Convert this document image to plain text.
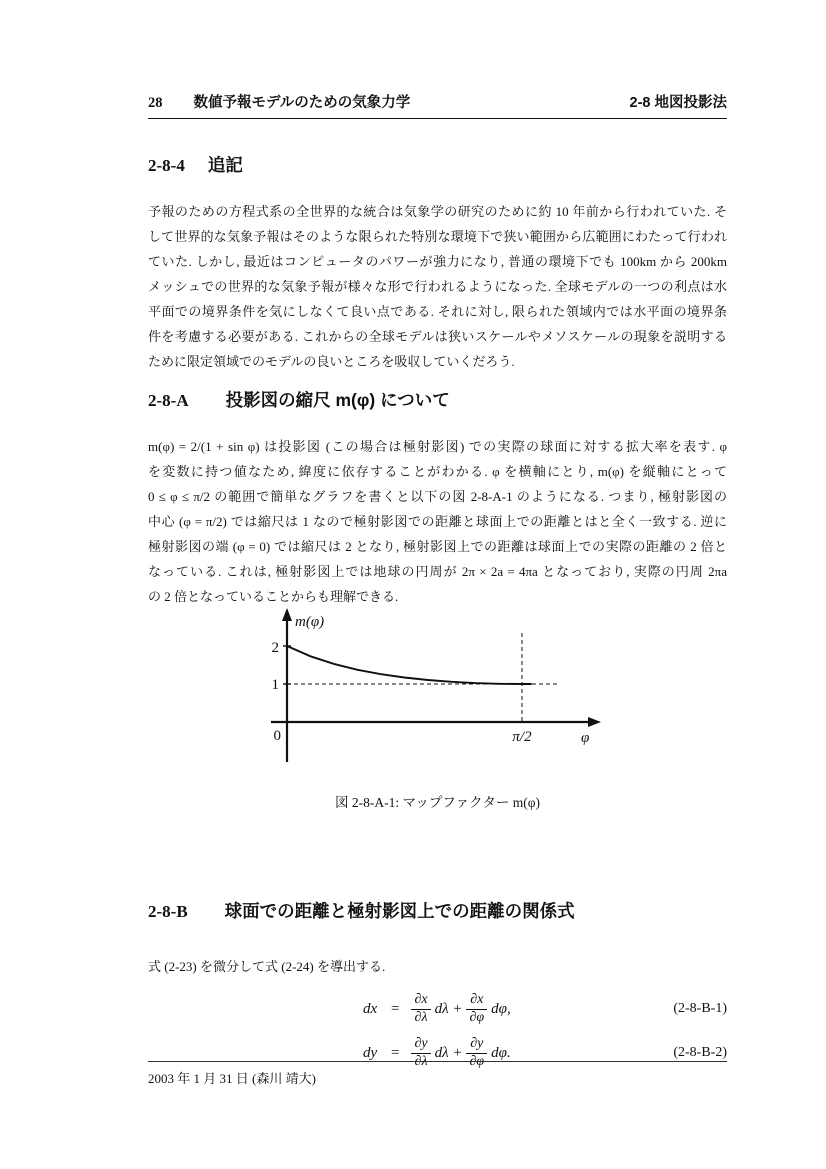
28 数値予報モデルのための気象力学	2-8 地図投影法
2-8-4 追記
予報のための方程式系の全世界的な統合は気象学の研究のために約 10 年前から行われていた. そ
して世界的な気象予報はそのような限られた特別な環境下で狭い範囲から広範囲にわたって行われ
ていた. しかし, 最近はコンピュータのパワーが強力になり, 普通の環境下でも 100km から 200km
メッシュでの世界的な気象予報が様々な形で行われるようになった. 全球モデルの一つの利点は水
平面での境界条件を気にしなくて良い点である. それに対し, 限られた領域内では水平面の境界条
件を考慮する必要がある. これからの全球モデルは狭いスケールやメソスケールの現象を説明する
ために限定領域でのモデルの良いところを吸収していくだろう.
2-8-A 投影図の縮尺 m(φ) について
m(φ) = 2/(1 + sin φ) は投影図 (この場合は極射影図) での実際の球面に対する拡大率を表す. φ
を変数に持つ値なため, 緯度に依存することがわかる. φ を横軸にとり, m(φ) を縦軸にとって
0 ≤ φ ≤ π/2 の範囲で簡単なグラフを書くと以下の図 2-8-A-1 のようになる. つまり, 極射影図の
中心 (φ = π/2) では縮尺は 1 なので極射影図での距離と球面上での距離とはと全く一致する. 逆に
極射影図の端 (φ = 0) では縮尺は 2 となり, 極射影図上での距離は球面上での実際の距離の 2 倍と
なっている. これは, 極射影図上では地球の円周が 2π × 2a = 4πa となっており, 実際の円周 2πa
の 2 倍となっていることからも理解できる.
m(φ)
2
1
0	π/2	φ
図 2-8-A-1: マップファクター m(φ)
2-8-B 球面での距離と極射影図上での距離の関係式
式 (2-23) を微分して式 (2-24) を導出する.
dx = $\frac{\partial x}{\partial\lambda}$ $d\lambda + \frac{\partial x}{\partial\varphi} d\varphi$,	(2-8-B-1)
dy = $\frac{\partial y}{\partial\lambda}$ $d\lambda + \frac{\partial y}{\partial\varphi} d\varphi$.	(2-8-B-2)
2003 年 1 月 31 日 (森川 靖大)
